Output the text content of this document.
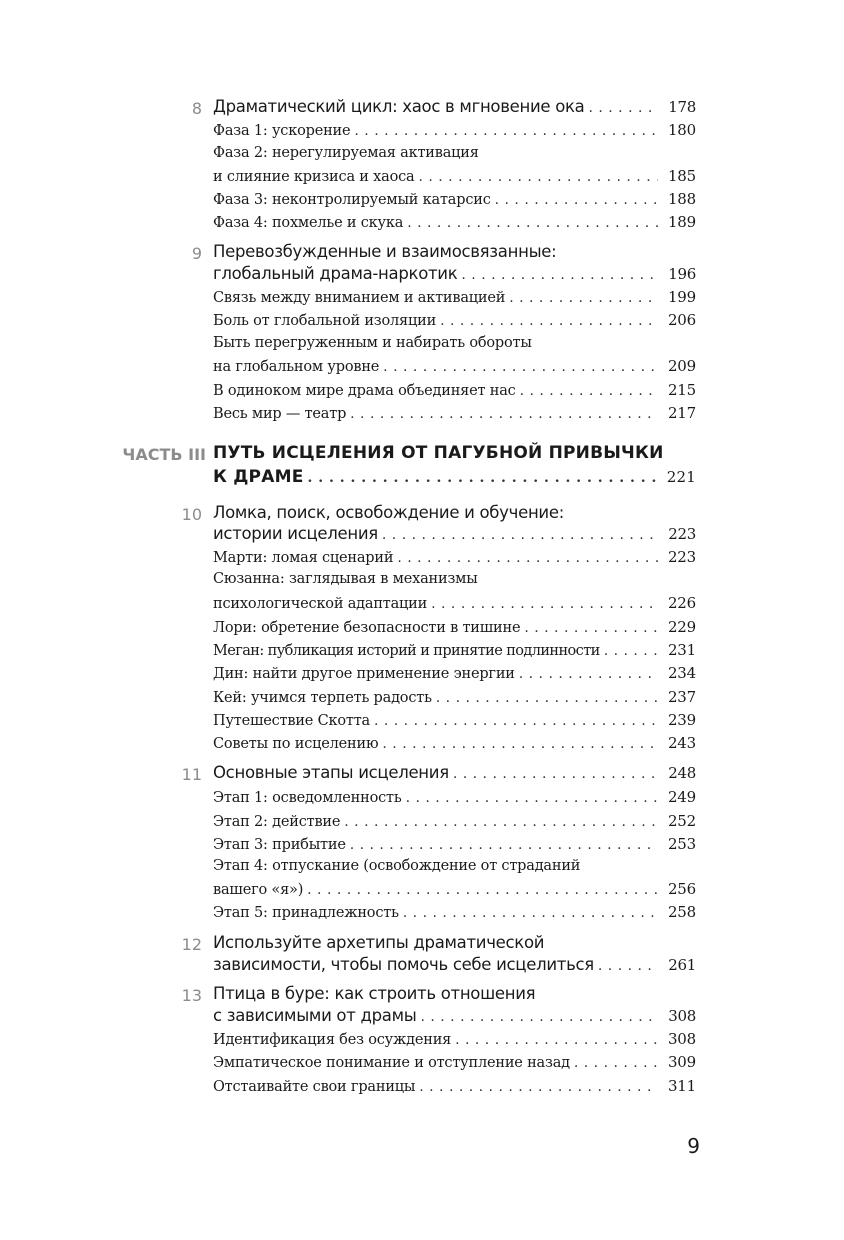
8 Драматический цикл: хаос в мгновение ока . . .	178
Фаза 1: ускорение . . .	180
Фаза 2: нерегулируемая активация
и слияние кризиса и хаоса . . .	185
Фаза 3: неконтролируемый катарсис . . .	188
Фаза 4: похмелье и скука . . .	189
9 Перевозбужденные и взаимосвязанные:
глобальный драма-наркотик . . .	196
Связь между вниманием и активацией . . .	199
Боль от глобальной изоляции . . .	206
Быть перегруженным и набирать обороты
на глобальном уровне . . .	209
В одиноком мире драма объединяет нас . . .	215
Весь мир — театр . . .	217
ЧАСТЬ III ПУТЬ ИСЦЕЛЕНИЯ ОТ ПАГУБНОЙ ПРИВЫЧКИ
К ДРАМЕ . . .	221
10 Ломка, поиск, освобождение и обучение:
истории исцеления . . .	223
Марти: ломая сценарий . . .	223
Сюзанна: заглядывая в механизмы
психологической адаптации . . .	226
Лори: обретение безопасности в тишине . . .	229
Меган: публикация историй и принятие подлинности . . .	231
Дин: найти другое применение энергии . . .	234
Кей: учимся терпеть радость . . .	237
Путешествие Скотта . . .	239
Советы по исцелению . . .	243
11 Основные этапы исцеления . . .	248
Этап 1: осведомленность . . .	249
Этап 2: действие . . .	252
Этап 3: прибытие . . .	253
Этап 4: отпускание (освобождение от страданий
вашего «я») . . .	256
Этап 5: принадлежность . . .	258
12 Используйте архетипы драматической
зависимости, чтобы помочь себе исцелиться . . .	261
13 Птица в буре: как строить отношения
с зависимыми от драмы . . .	308
Идентификация без осуждения . . .	308
Эмпатическое понимание и отступление назад . . .	309
Отстаивайте свои границы . . .	311
9
